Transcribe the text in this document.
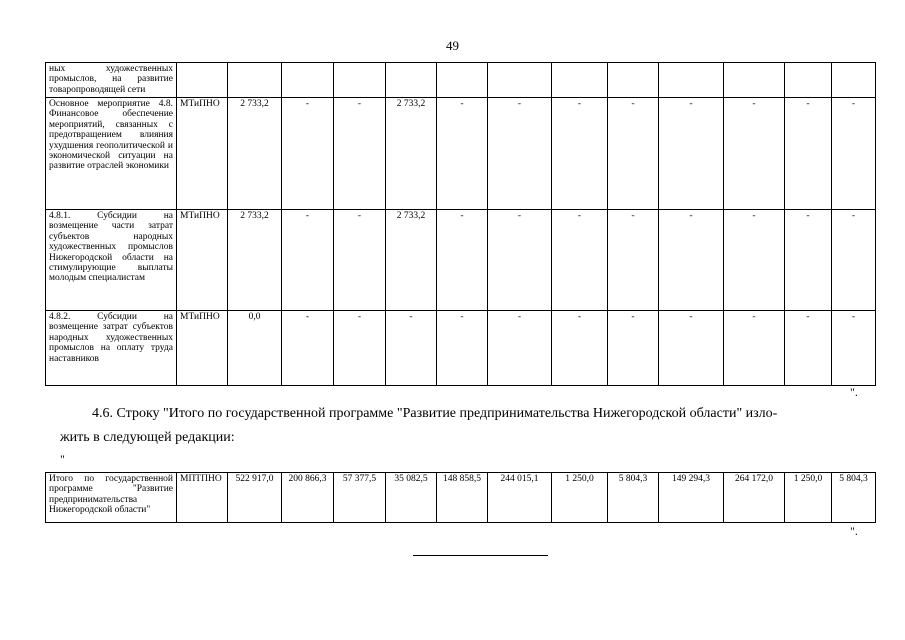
49
ных художественных промыслов, на развитие товаропроводящей сети													
Основное мероприятие 4.8. Финансовое обеспечение мероприятий, связанных с предотвращением влияния ухудшения геополитической и экономической ситуации на развитие отраслей экономики	МТиПНО	2 733,2	-	-	2 733,2	-	-	-	-	-	-	-	-
4.8.1. Субсидии на возмещение части затрат субъектов народных художественных промыслов Нижегородской области на стимулирующие выплаты молодым специалистам	МТиПНО	2 733,2	-	-	2 733,2	-	-	-	-	-	-	-	-
4.8.2. Субсидии на возмещение затрат субъектов народных художественных промыслов на оплату труда наставников	МТиПНО	0,0	-	-	-	-	-	-	-	-	-	-	-
".
4.6. Строку "Итого по государственной программе "Развитие предпринимательства Нижегородской области" изло-
жить в следующей редакции:
"
Итого по государственной программе "Развитие предпринимательства Нижегородской области"	МПТПНО	522 917,0	200 866,3	57 377,5	35 082,5	148 858,5	244 015,1	1 250,0	5 804,3	149 294,3	264 172,0	1 250,0	5 804,3
".
